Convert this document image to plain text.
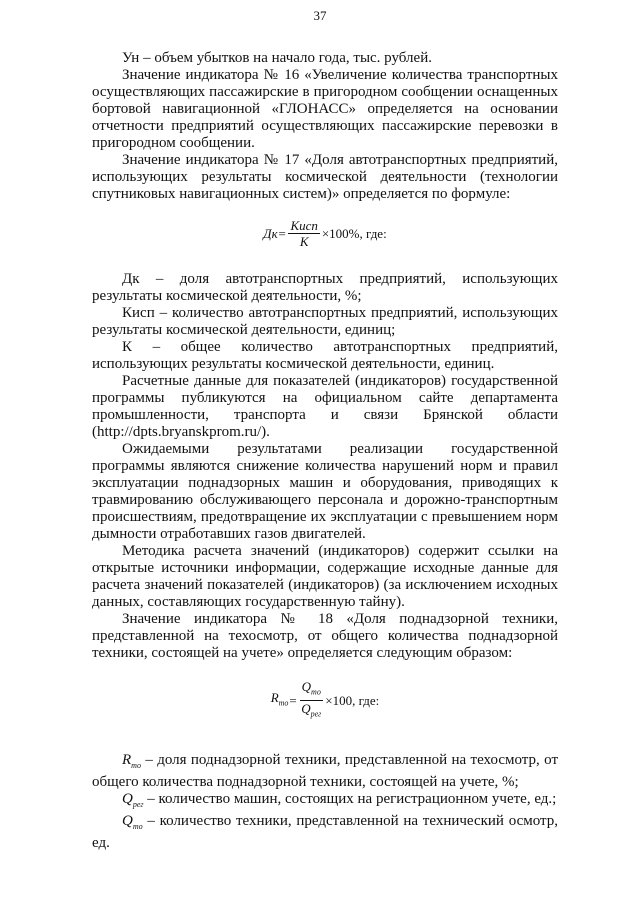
37

Ун – объем убытков на начало года, тыс. рублей.

Значение индикатора № 16 «Увеличение количества транспортных осуществляющих пассажирские в пригородном сообщении оснащенных бортовой навигационной «ГЛОНАСС» определяется на основании отчетности предприятий осуществляющих пассажирские перевозки в пригородном сообщении.

Значение индикатора № 17 «Доля автотранспортных предприятий, использующих результаты космической деятельности (технологии спутниковых навигационных систем)» определяется по формуле:

Дк = $\frac{\text{Кисп}}{К} \times 100\%$, где:

Дк – доля автотранспортных предприятий, использующих результаты космической деятельности, %;

Кисп – количество автотранспортных предприятий, использующих результаты космической деятельности, единиц;

К – общее количество автотранспортных предприятий, использующих результаты космической деятельности, единиц.

Расчетные данные для показателей (индикаторов) государственной программы публикуются на официальном сайте департамента промышленности, транспорта и связи Брянской области (http://dpts.bryanskprom.ru/).

Ожидаемыми результатами реализации государственной программы являются снижение количества нарушений норм и правил эксплуатации поднадзорных машин и оборудования, приводящих к травмированию обслуживающего персонала и дорожно-транспортным происшествиям, предотвращение их эксплуатации с превышением норм дымности отработавших газов двигателей.

Методика расчета значений (индикаторов) содержит ссылки на открытые источники информации, содержащие исходные данные для расчета значений показателей (индикаторов) (за исключением исходных данных, составляющих государственную тайну).

Значение индикатора № 18 «Доля поднадзорной техники, представленной на техосмотр, от общего количества поднадзорной техники, состоящей на учете» определяется следующим образом:

$R_{то} = \frac{Q_{то}}{Q_{рег}} \times 100$, где:

$R_{то}$ – доля поднадзорной техники, представленной на техосмотр, от общего количества поднадзорной техники, состоящей на учете, %;

$Q_{рег}$ – количество машин, состоящих на регистрационном учете, ед.;

$Q_{то}$ – количество техники, представленной на технический осмотр, ед.
